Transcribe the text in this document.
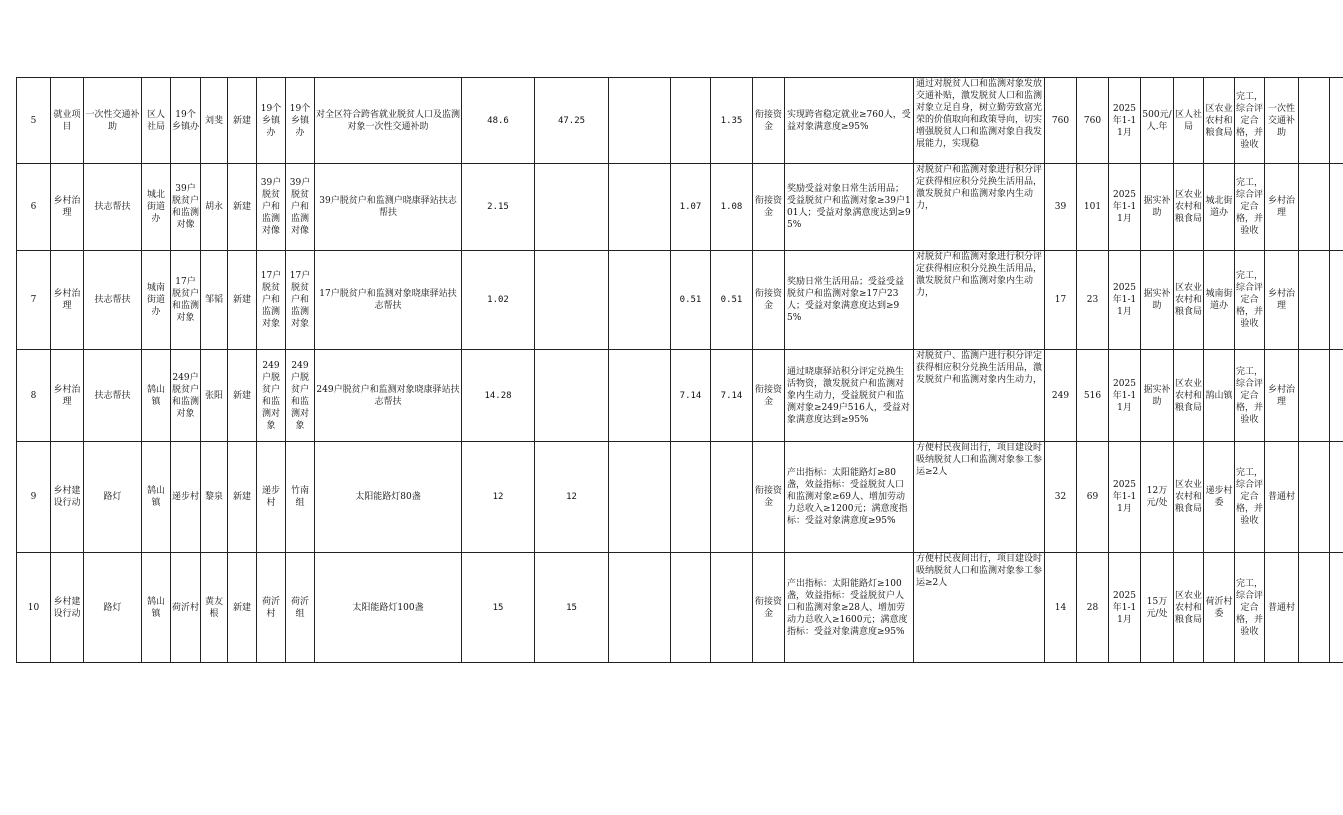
5	就业项目	一次性交通补助	区人社局	19个乡镇办	刘斐	新建	19个乡镇办	19个乡镇办	对全区符合跨省就业脱贫人口及监测对象一次性交通补助	48.6	47.25			1.35	衔接资金	实现跨省稳定就业≥760人，受益对象满意度≥95%	通过对脱贫人口和监测对象发放交通补贴，激发脱贫人口和监测对象立足自身，树立勤劳致富光荣的价值取向和政策导向，切实增强脱贫人口和监测对象自我发展能力，实现稳	760	760	2025年1-11月	500元/人.年	区人社局	区农业农村和粮食局	完工，综合评定合格，并验收	一次性交通补助		
6	乡村治理	扶志帮扶	城北街道办	39户脱贫户和监测对像	胡永	新建	39户脱贫户和监测对像	39户脱贫户和监测对像	39户脱贫户和监测户晓康驿站扶志帮扶	2.15			1.07	1.08	衔接资金	奖励受益对象日常生活用品；受益脱贫户和监测对象≥39户101人；受益对象满意度达到≥95%	对脱贫户和监测对象进行积分评定获得相应积分兑换生活用品，激发脱贫户和监测对象内生动力，	39	101	2025年1-11月	据实补助	区农业农村和粮食局	城北街道办	完工，综合评定合格，并验收	乡村治理		
7	乡村治理	扶志帮扶	城南街道办	17户脱贫户和监测对象	邹韬	新建	17户脱贫户和监测对象	17户脱贫户和监测对象	17户脱贫户和监测对象晓康驿站扶志帮扶	1.02			0.51	0.51	衔接资金	奖励日常生活用品；受益受益脱贫户和监测对象≥17户23人；受益对象满意度达到≥95%	对脱贫户和监测对象进行积分评定获得相应积分兑换生活用品，激发脱贫户和监测对象内生动力，	17	23	2025年1-11月	据实补助	区农业农村和粮食局	城南街道办	完工，综合评定合格，并验收	乡村治理		
8	乡村治理	扶志帮扶	鹄山镇	249户脱贫户和监测对象	张阳	新建	249户脱贫户和监测对象	249户脱贫户和监测对象	249户脱贫户和监测对象晓康驿站扶志帮扶	14.28			7.14	7.14	衔接资金	通过晓康驿站积分评定兑换生活物资，激发脱贫户和监测对象内生动力，受益脱贫户和监测对象≥249户516人，受益对象满意度达到≥95%	对脱贫户、监测户进行积分评定获得相应积分兑换生活用品，激发脱贫户和监测对象内生动力，	249	516	2025年1-11月	据实补助	区农业农村和粮食局	鹄山镇	完工，综合评定合格，并验收	乡村治理		
9	乡村建设行动	路灯	鹄山镇	递步村	黎泉	新建	递步村	竹南组	太阳能路灯80盏	12	12				衔接资金	产出指标：太阳能路灯≥80盏，效益指标：受益脱贫人口和监测对象≥69人、增加劳动力总收入≥1200元；满意度指标：受益对象满意度≥95%	方便村民夜间出行，项目建设时吸纳脱贫人口和监测对象参工参运≥2人	32	69	2025年1-11月	12万元/处	区农业农村和粮食局	递步村委	完工，综合评定合格，并验收	普通村		
10	乡村建设行动	路灯	鹄山镇	荷沂村	黄友根	新建	荷沂村	荷沂组	太阳能路灯100盏	15	15				衔接资金	产出指标：太阳能路灯≥100盏，效益指标：受益脱贫户人口和监测对象≥28人、增加劳动力总收入≥1600元；满意度指标：受益对象满意度≥95%	方便村民夜间出行，项目建设时吸纳脱贫人口和监测对象参工参运≥2人	14	28	2025年1-11月	15万元/处	区农业农村和粮食局	荷沂村委	完工，综合评定合格，并验收	普通村		
